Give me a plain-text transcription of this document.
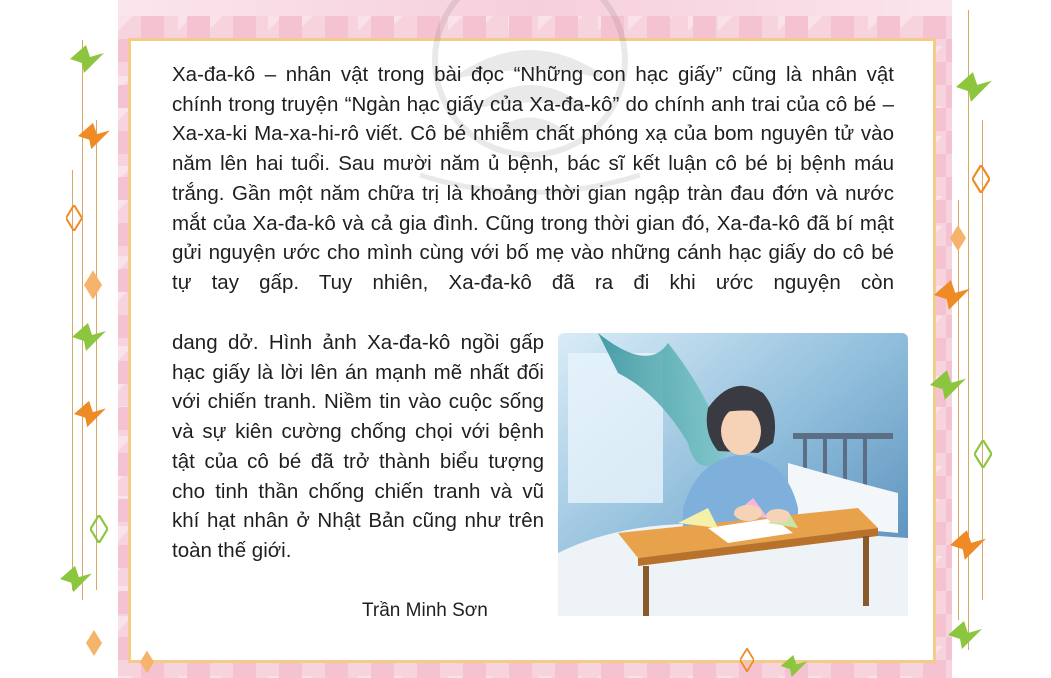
Xa-đa-kô – nhân vật trong bài đọc “Những con hạc giấy” cũng là nhân vật chính trong truyện “Ngàn hạc giấy của Xa-đa-kô” do chính anh trai của cô bé – Xa-xa-ki Ma-xa-hi-rô viết. Cô bé nhiễm chất phóng xạ của bom nguyên tử vào năm lên hai tuổi. Sau mười năm ủ bệnh, bác sĩ kết luận cô bé bị bệnh máu trắng. Gần một năm chữa trị là khoảng thời gian ngập tràn đau đớn và nước mắt của Xa-đa-kô và cả gia đình. Cũng trong thời gian đó, Xa-đa-kô đã bí mật gửi nguyện ước cho mình cùng với bố mẹ vào những cánh hạc giấy do cô bé tự tay gấp. Tuy nhiên, Xa-đa-kô đã ra đi khi ước nguyện còn

dang dở. Hình ảnh Xa-đa-kô ngồi gấp hạc giấy là lời lên án mạnh mẽ nhất đối với chiến tranh. Niềm tin vào cuộc sống và sự kiên cường chống chọi với bệnh tật của cô bé đã trở thành biểu tượng cho tinh thần chống chiến tranh và vũ khí hạt nhân ở Nhật Bản cũng như trên toàn thế giới.

Trần Minh Sơn
